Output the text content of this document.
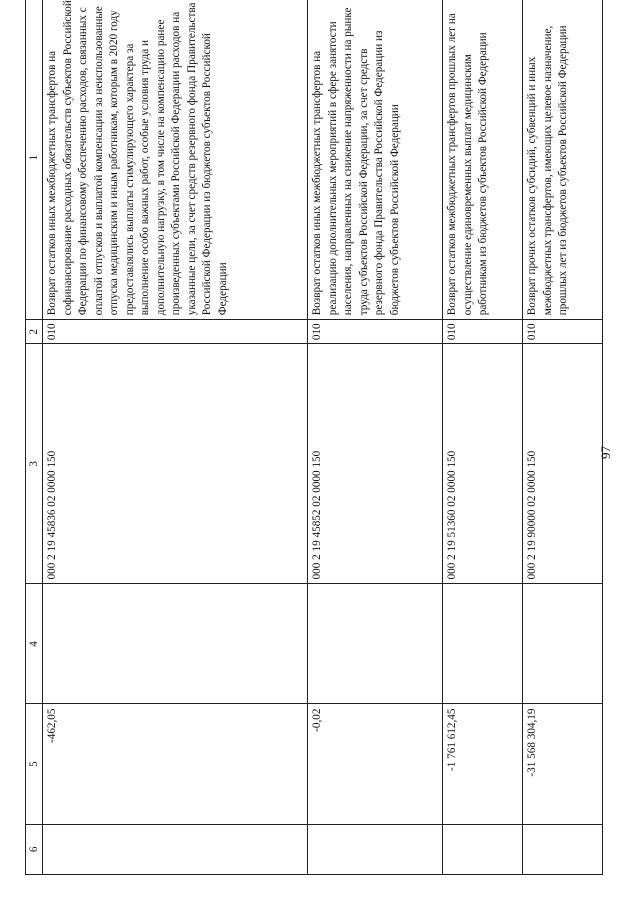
97
6	5	4	3	2	1
	-462,05		000 2 19 45836 02 0000 150	010	Возврат остатков иных межбюджетных трансфертов на софинансирование расходных обязательств субъектов Российской Федерации по финансовому обеспечению расходов, связанных с оплатой отпусков и выплатой компенсации за неиспользованные отпуска медицинским и иным работникам, которым в 2020 году предоставлялись выплаты стимулирующего характера за выполнение особо важных работ, особые условия труда и дополнительную нагрузку, в том числе на компенсацию ранее произведенных субъектами Российской Федерации расходов на указанные цели, за счет средств резервного фонда Правительства Российской Федерации из бюджетов субъектов Российской Федерации
	-0,02		000 2 19 45852 02 0000 150	010	Возврат остатков иных межбюджетных трансфертов на реализацию дополнительных мероприятий в сфере занятости населения, направленных на снижение напряженности на рынке труда субъектов Российской Федерации, за счет средств резервного фонда Правительства Российской Федерации из бюджетов субъектов Российской Федерации
	-1 761 612,45		000 2 19 51360 02 0000 150	010	Возврат остатков межбюджетных трансфертов прошлых лет на осуществление единовременных выплат медицинским работникам из бюджетов субъектов Российской Федерации
	-31 568 304,19		000 2 19 90000 02 0000 150	010	Возврат прочих остатков субсидий, субвенций и иных межбюджетных трансфертов, имеющих целевое назначение, прошлых лет из бюджетов субъектов Российской Федерации
